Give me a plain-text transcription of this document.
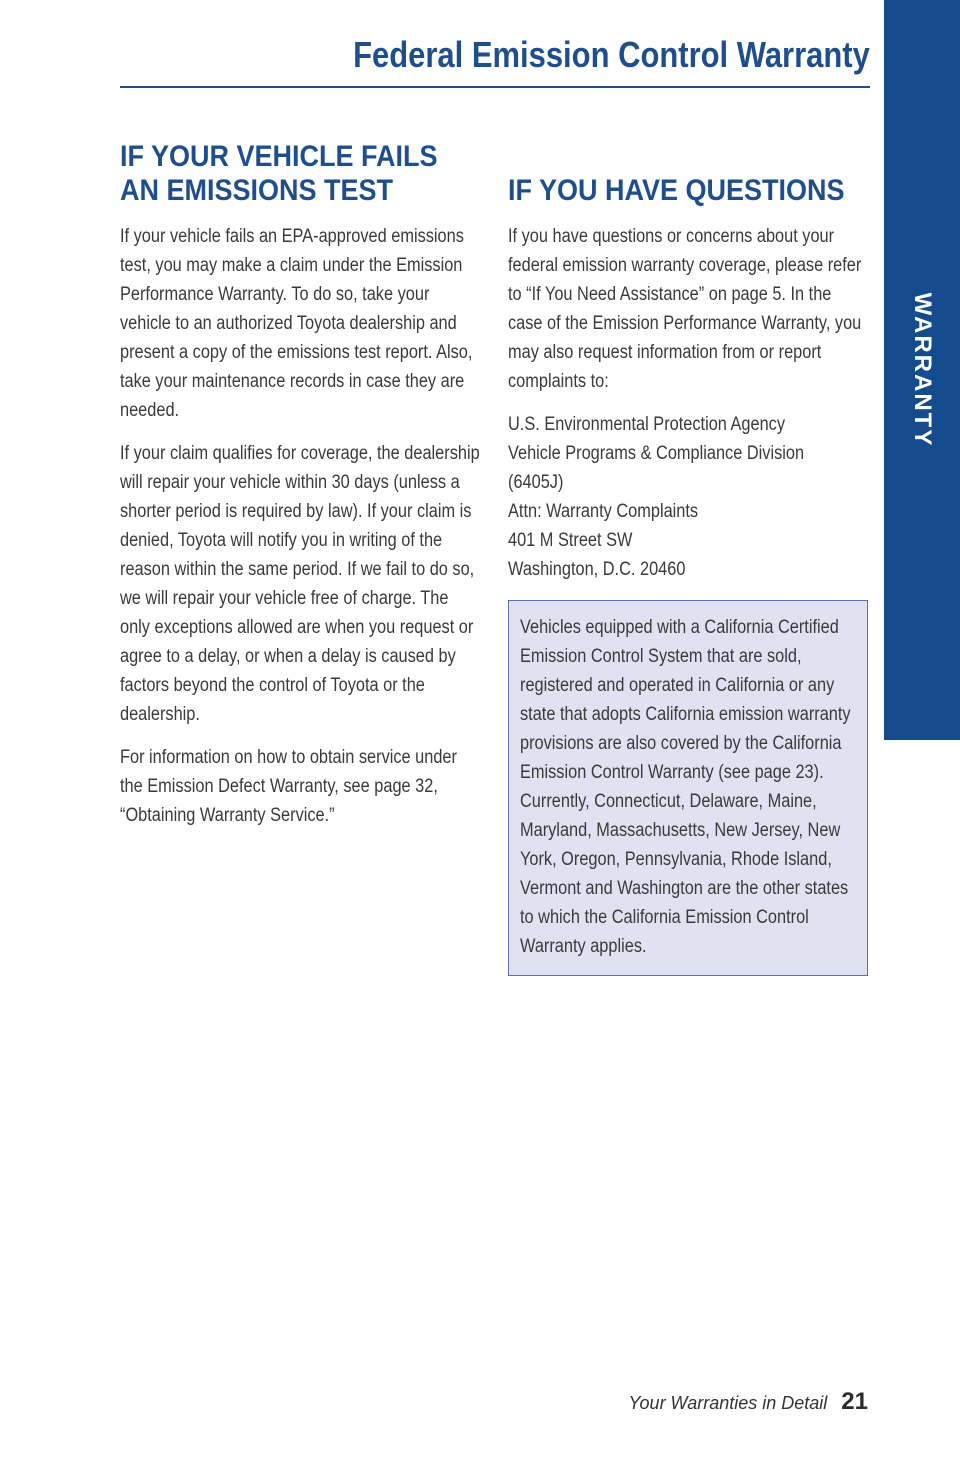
Federal Emission Control Warranty
WARRANTY
IF YOUR VEHICLE FAILS AN EMISSIONS TEST

If your vehicle fails an EPA-approved emissions test, you may make a claim under the Emission Performance Warranty. To do so, take your vehicle to an authorized Toyota dealership and present a copy of the emissions test report. Also, take your maintenance records in case they are needed.

If your claim qualifies for coverage, the dealership will repair your vehicle within 30 days (unless a shorter period is required by law). If your claim is denied, Toyota will notify you in writing of the reason within the same period. If we fail to do so, we will repair your vehicle free of charge. The only exceptions allowed are when you request or agree to a delay, or when a delay is caused by factors beyond the control of Toyota or the dealership.

For information on how to obtain service under the Emission Defect Warranty, see page 32, “Obtaining Warranty Service.”

IF YOU HAVE QUESTIONS

If you have questions or concerns about your federal emission warranty coverage, please refer to “If You Need Assistance” on page 5. In the case of the Emission Performance Warranty, you may also request information from or report complaints to:

U.S. Environmental Protection Agency
Vehicle Programs & Compliance Division
(6405J)
Attn: Warranty Complaints
401 M Street SW
Washington, D.C. 20460

Vehicles equipped with a California Certified Emission Control System that are sold, registered and operated in California or any state that adopts California emission warranty provisions are also covered by the California Emission Control Warranty (see page 23). Currently, Connecticut, Delaware, Maine, Maryland, Massachusetts, New Jersey, New York, Oregon, Pennsylvania, Rhode Island, Vermont and Washington are the other states to which the California Emission Control Warranty applies.

Your Warranties in Detail 21
